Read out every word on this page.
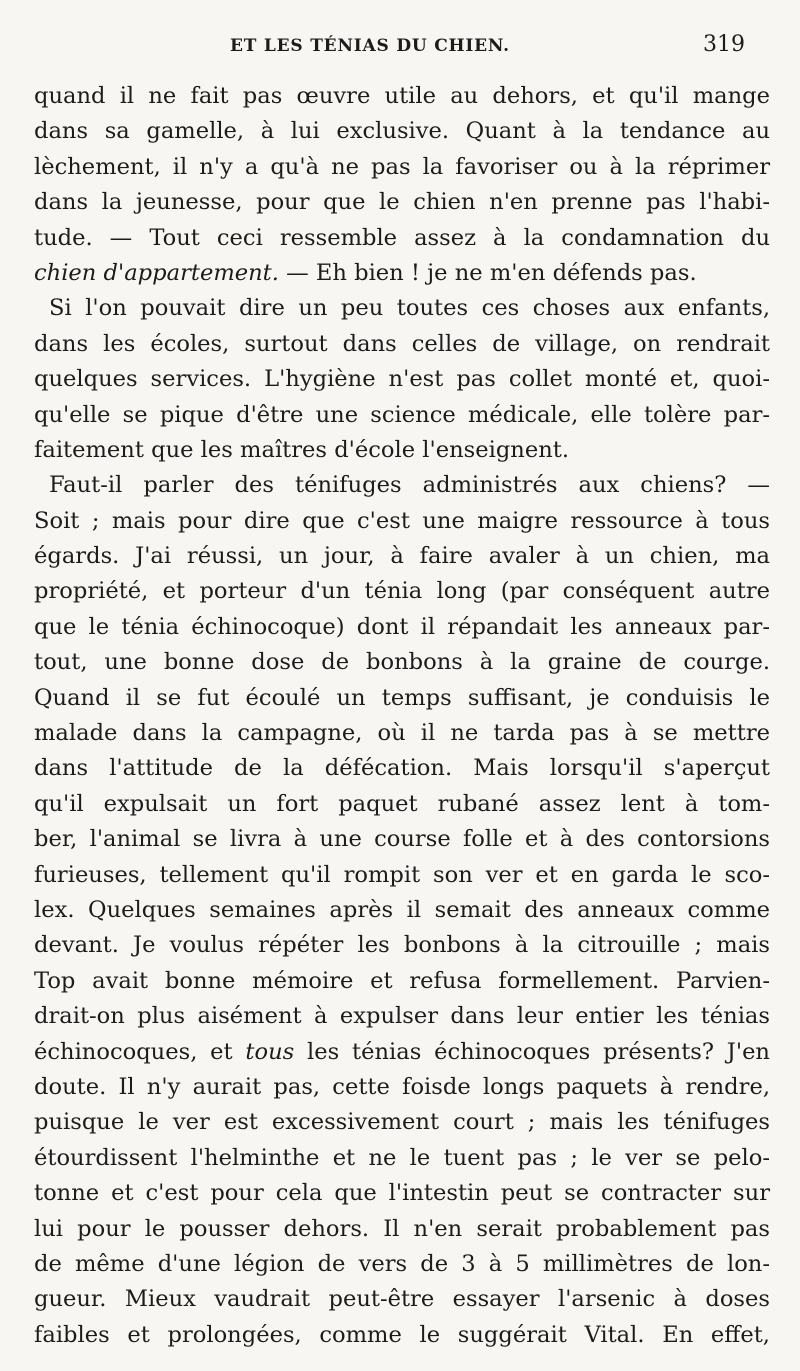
ET LES TÉNIAS DU CHIEN.	319
quand il ne fait pas œuvre utile au dehors, et qu'il mange
dans sa gamelle, à lui exclusive. Quant à la tendance au
lèchement, il n'y a qu'à ne pas la favoriser ou à la réprimer
dans la jeunesse, pour que le chien n'en prenne pas l'habi-
tude. — Tout ceci ressemble assez à la condamnation du
chien d'appartement. — Eh bien ! je ne m'en défends pas.
Si l'on pouvait dire un peu toutes ces choses aux enfants,
dans les écoles, surtout dans celles de village, on rendrait
quelques services. L'hygiène n'est pas collet monté et, quoi-
qu'elle se pique d'être une science médicale, elle tolère par-
faitement que les maîtres d'école l'enseignent.
Faut-il parler des ténifuges administrés aux chiens? —
Soit ; mais pour dire que c'est une maigre ressource à tous
égards. J'ai réussi, un jour, à faire avaler à un chien, ma
propriété, et porteur d'un ténia long (par conséquent autre
que le ténia échinocoque) dont il répandait les anneaux par-
tout, une bonne dose de bonbons à la graine de courge.
Quand il se fut écoulé un temps suffisant, je conduisis le
malade dans la campagne, où il ne tarda pas à se mettre
dans l'attitude de la défécation. Mais lorsqu'il s'aperçut
qu'il expulsait un fort paquet rubané assez lent à tom-
ber, l'animal se livra à une course folle et à des contorsions
furieuses, tellement qu'il rompit son ver et en garda le sco-
lex. Quelques semaines après il semait des anneaux comme
devant. Je voulus répéter les bonbons à la citrouille ; mais
Top avait bonne mémoire et refusa formellement. Parvien-
drait-on plus aisément à expulser dans leur entier les ténias
échinocoques, et tous les ténias échinocoques présents? J'en
doute. Il n'y aurait pas, cette foisde longs paquets à rendre,
puisque le ver est excessivement court ; mais les ténifuges
étourdissent l'helminthe et ne le tuent pas ; le ver se pelo-
tonne et c'est pour cela que l'intestin peut se contracter sur
lui pour le pousser dehors. Il n'en serait probablement pas
de même d'une légion de vers de 3 à 5 millimètres de lon-
gueur. Mieux vaudrait peut-être essayer l'arsenic à doses
faibles et prolongées, comme le suggérait Vital. En effet,
